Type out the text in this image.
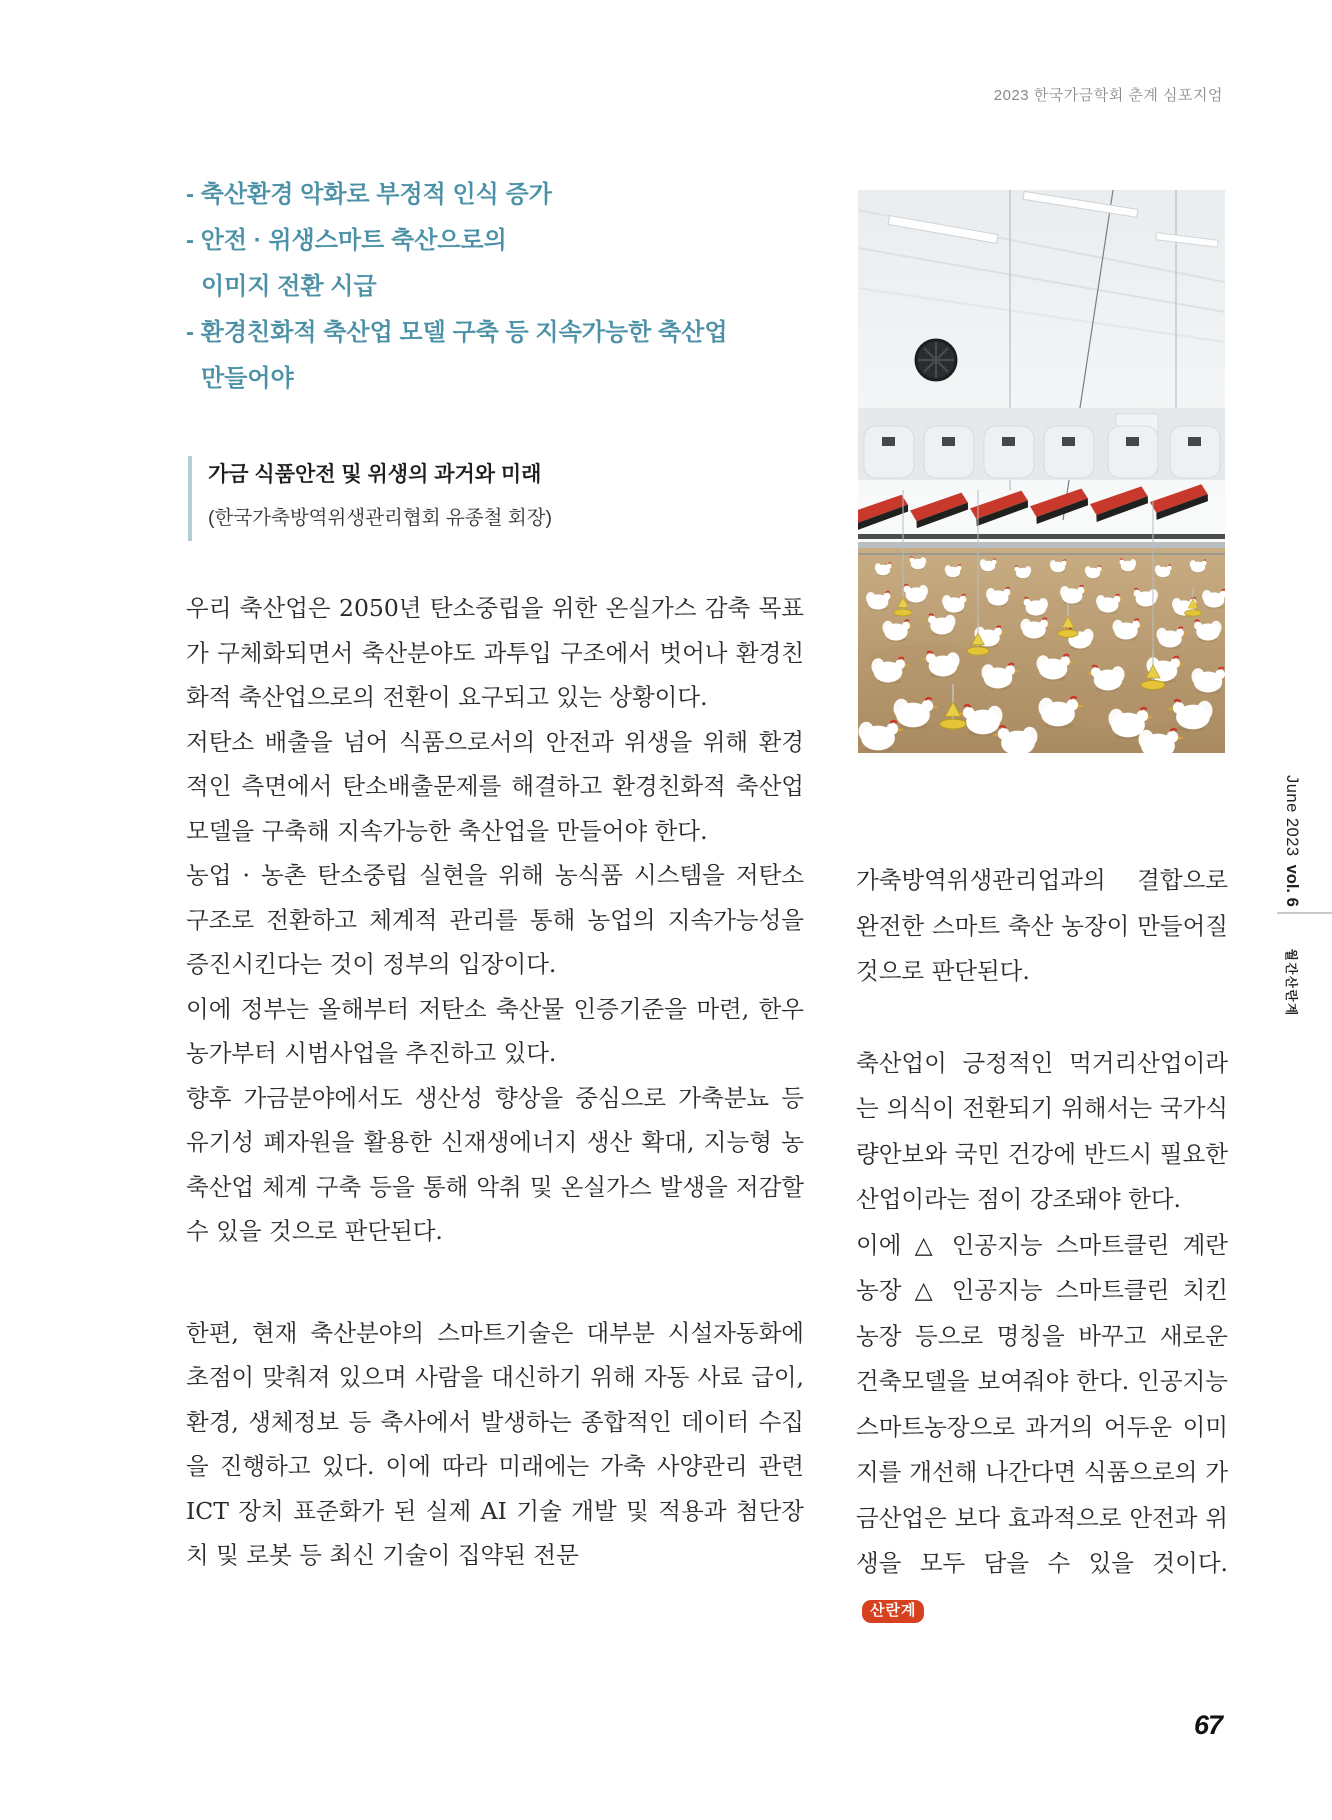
2023 한국가금학회 춘계 심포지엄
- 축산환경 악화로 부정적 인식 증가
- 안전 · 위생스마트 축산으로의
이미지 전환 시급
- 환경친화적 축산업 모델 구축 등 지속가능한 축산업
만들어야
가금 식품안전 및 위생의 과거와 미래
(한국가축방역위생관리협회 유종철 회장)

우리 축산업은 2050년 탄소중립을 위한 온실가스 감축 목표가 구체화되면서 축산분야도 과투입 구조에서 벗어나 환경친화적 축산업으로의 전환이 요구되고 있는 상황이다.

저탄소 배출을 넘어 식품으로서의 안전과 위생을 위해 환경적인 측면에서 탄소배출문제를 해결하고 환경친화적 축산업 모델을 구축해 지속가능한 축산업을 만들어야 한다.

농업 · 농촌 탄소중립 실현을 위해 농식품 시스템을 저탄소 구조로 전환하고 체계적 관리를 통해 농업의 지속가능성을 증진시킨다는 것이 정부의 입장이다.

이에 정부는 올해부터 저탄소 축산물 인증기준을 마련, 한우농가부터 시범사업을 추진하고 있다.

향후 가금분야에서도 생산성 향상을 중심으로 가축분뇨 등 유기성 폐자원을 활용한 신재생에너지 생산 확대, 지능형 농축산업 체계 구축 등을 통해 악취 및 온실가스 발생을 저감할 수 있을 것으로 판단된다.

한편, 현재 축산분야의 스마트기술은 대부분 시설자동화에 초점이 맞춰져 있으며 사람을 대신하기 위해 자동 사료 급이, 환경, 생체정보 등 축사에서 발생하는 종합적인 데이터 수집을 진행하고 있다. 이에 따라 미래에는 가축 사양관리 관련 ICT 장치 표준화가 된 실제 AI 기술 개발 및 적용과 첨단장치 및 로봇 등 최신 기술이 집약된 전문

가축방역위생관리업과의 결합으로 완전한 스마트 축산 농장이 만들어질 것으로 판단된다.

축산업이 긍정적인 먹거리산업이라는 의식이 전환되기 위해서는 국가식량안보와 국민 건강에 반드시 필요한 산업이라는 점이 강조돼야 한다.

이에 △ 인공지능 스마트클린 계란 농장 △ 인공지능 스마트클린 치킨 농장 등으로 명칭을 바꾸고 새로운 건축모델을 보여줘야 한다. 인공지능 스마트농장으로 과거의 어두운 이미지를 개선해 나간다면 식품으로의 가금산업은 보다 효과적으로 안전과 위생을 모두 담을 수 있을 것이다.산란계

June 2023
vol. 6
월간산란계
67
